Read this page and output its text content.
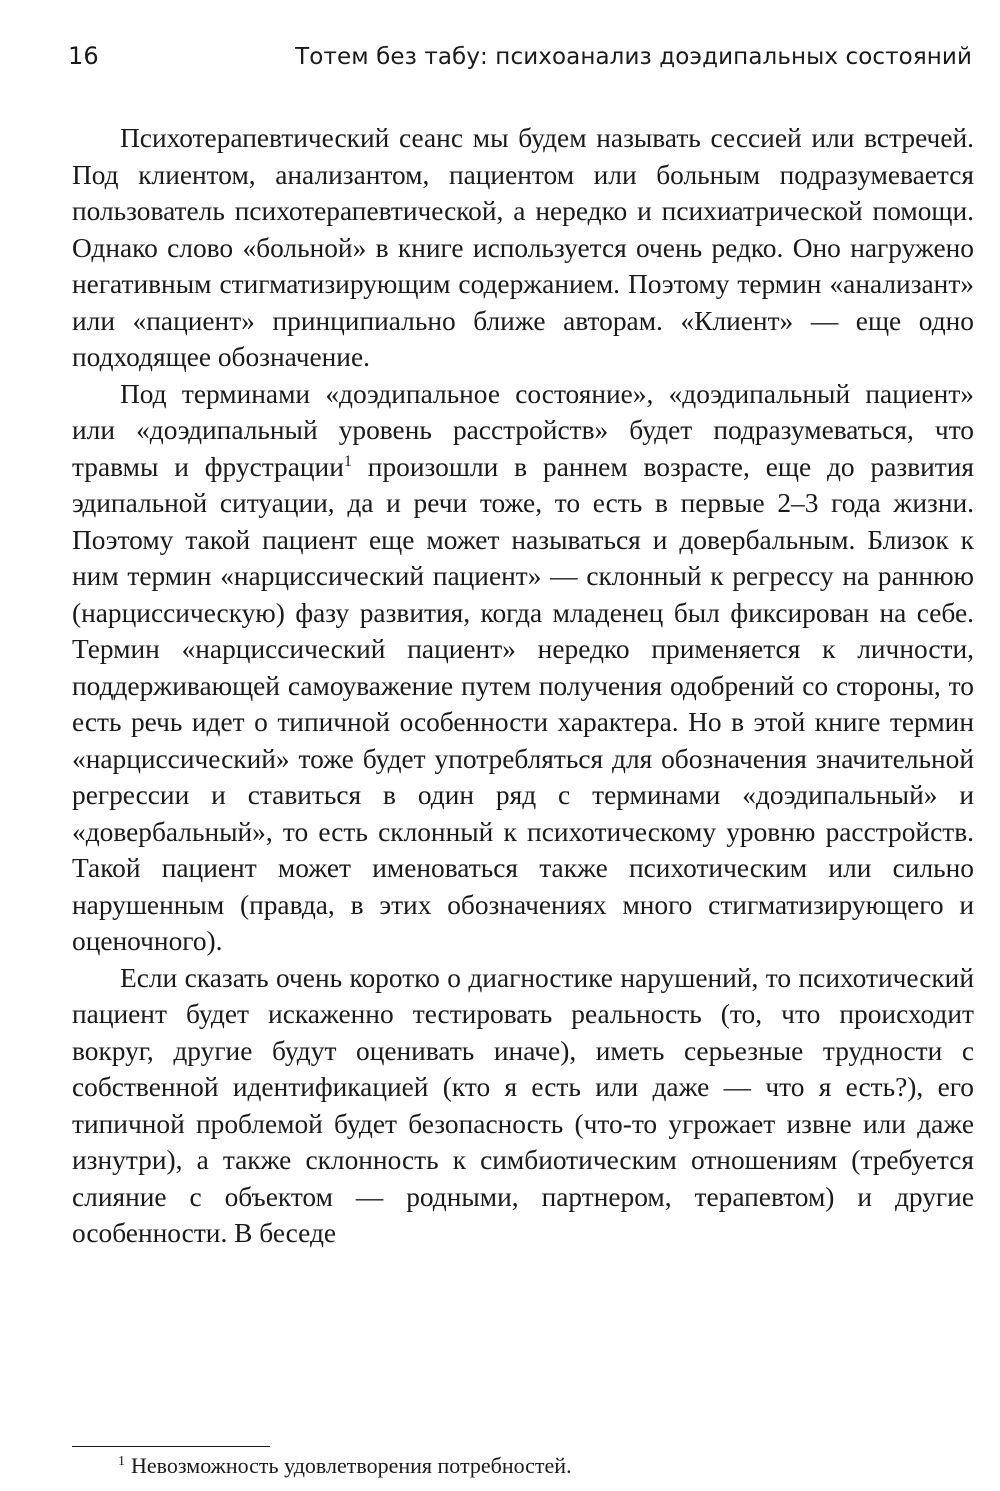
16	Тотем без табу: психоанализ доэдипальных состояний

Психотерапевтический сеанс мы будем называть сессией или встречей. Под клиентом, анализантом, пациентом или больным подразумевается пользователь психотерапевтической, а нередко и психиатрической помощи. Однако слово «больной» в книге используется очень редко. Оно нагружено негативным стигматизирующим содержанием. Поэтому термин «анализант» или «пациент» принципиально ближе авторам. «Клиент» — еще одно подходящее обозначение.

Под терминами «доэдипальное состояние», «доэдипальный пациент» или «доэдипальный уровень расстройств» будет подразумеваться, что травмы и фрустрации$^1$ произошли в раннем возрасте, еще до развития эдипальной ситуации, да и речи тоже, то есть в первые 2–3 года жизни. Поэтому такой пациент еще может называться и довербальным. Близок к ним термин «нарциссический пациент» — склонный к регрессу на раннюю (нарциссическую) фазу развития, когда младенец был фиксирован на себе. Термин «нарциссический пациент» нередко применяется к личности, поддерживающей самоуважение путем получения одобрений со стороны, то есть речь идет о типичной особенности характера. Но в этой книге термин «нарциссический» тоже будет употребляться для обозначения значительной регрессии и ставиться в один ряд с терминами «доэдипальный» и «довербальный», то есть склонный к психотическому уровню расстройств. Такой пациент может именоваться также психотическим или сильно нарушенным (правда, в этих обозначениях много стигматизирующего и оценочного).

Если сказать очень коротко о диагностике нарушений, то психотический пациент будет искаженно тестировать реальность (то, что происходит вокруг, другие будут оценивать иначе), иметь серьезные трудности с собственной идентификацией (кто я есть или даже — что я есть?), его типичной проблемой будет безопасность (что-то угрожает извне или даже изнутри), а также склонность к симбиотическим отношениям (требуется слияние с объектом — родными, партнером, терапевтом) и другие особенности. В беседе

$^1$ Невозможность удовлетворения потребностей.
